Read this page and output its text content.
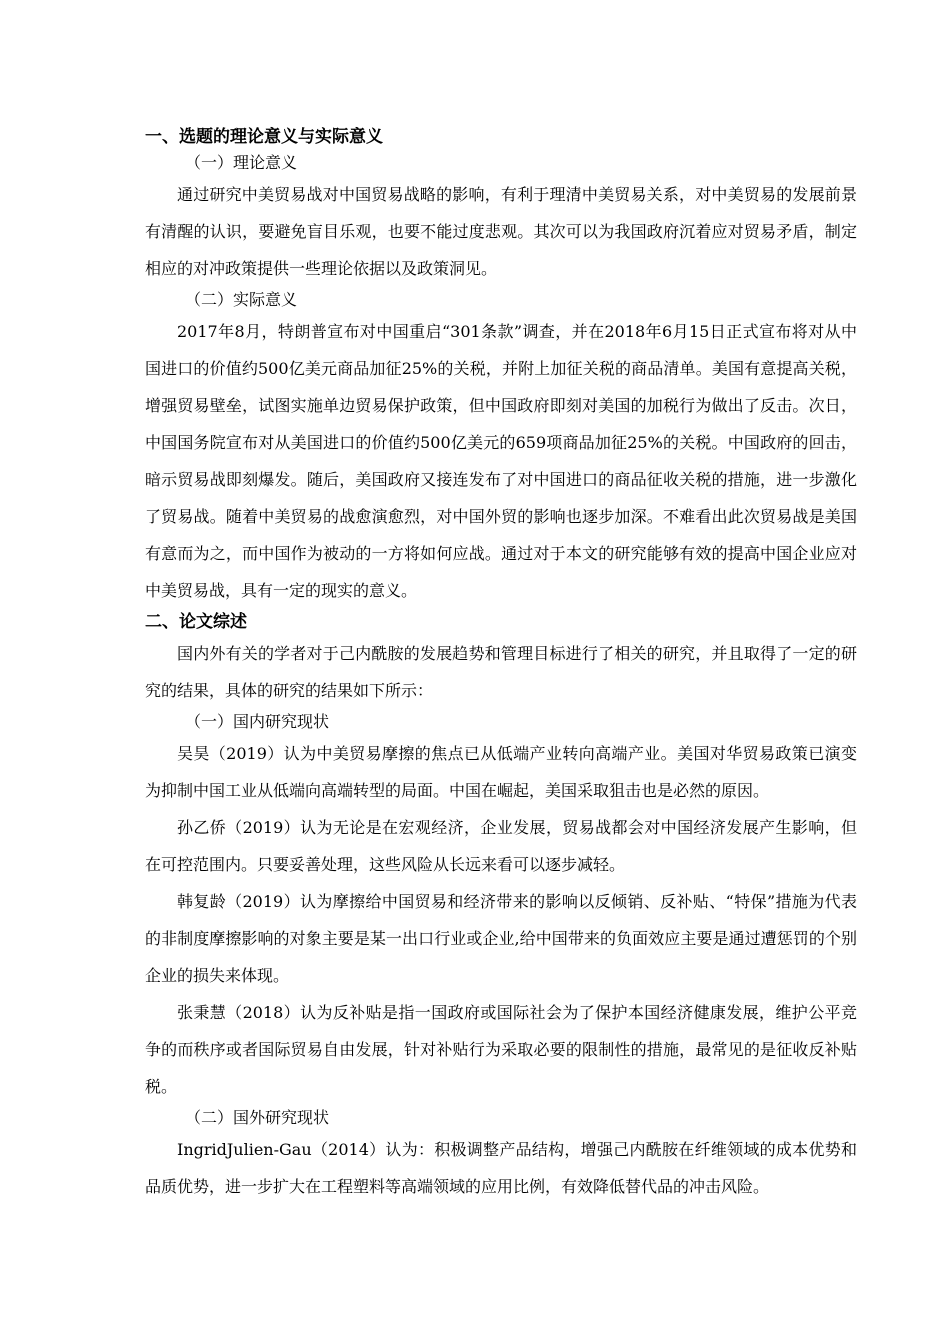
一、选题的理论意义与实际意义

（一）理论意义

通过研究中美贸易战对中国贸易战略的影响，有利于理清中美贸易关系，对中美贸易的发展前景有清醒的认识，要避免盲目乐观，也要不能过度悲观。其次可以为我国政府沉着应对贸易矛盾，制定相应的对冲政策提供一些理论依据以及政策洞见。

（二）实际意义

2017年8月，特朗普宣布对中国重启“301条款”调查，并在2018年6月15日正式宣布将对从中国进口的价值约500亿美元商品加征25%的关税，并附上加征关税的商品清单。美国有意提高关税，增强贸易壁垒，试图实施单边贸易保护政策，但中国政府即刻对美国的加税行为做出了反击。次日，中国国务院宣布对从美国进口的价值约500亿美元的659项商品加征25%的关税。中国政府的回击，暗示贸易战即刻爆发。随后，美国政府又接连发布了对中国进口的商品征收关税的措施，进一步激化了贸易战。随着中美贸易的战愈演愈烈，对中国外贸的影响也逐步加深。不难看出此次贸易战是美国有意而为之，而中国作为被动的一方将如何应战。通过对于本文的研究能够有效的提高中国企业应对中美贸易战，具有一定的现实的意义。

二、论文综述

国内外有关的学者对于己内酰胺的发展趋势和管理目标进行了相关的研究，并且取得了一定的研究的结果，具体的研究的结果如下所示：

（一）国内研究现状

吴昊（2019）认为中美贸易摩擦的焦点已从低端产业转向高端产业。美国对华贸易政策已演变为抑制中国工业从低端向高端转型的局面。中国在崛起，美国采取狙击也是必然的原因。

孙乙侨（2019）认为无论是在宏观经济，企业发展，贸易战都会对中国经济发展产生影响，但在可控范围内。只要妥善处理，这些风险从长远来看可以逐步减轻。

韩复龄（2019）认为摩擦给中国贸易和经济带来的影响以反倾销、反补贴、“特保”措施为代表的非制度摩擦影响的对象主要是某一出口行业或企业,给中国带来的负面效应主要是通过遭惩罚的个别企业的损失来体现。

张秉慧（2018）认为反补贴是指一国政府或国际社会为了保护本国经济健康发展，维护公平竞争的而秩序或者国际贸易自由发展，针对补贴行为采取必要的限制性的措施，最常见的是征收反补贴税。

（二）国外研究现状

IngridJulien-Gau（2014）认为：积极调整产品结构，增强己内酰胺在纤维领域的成本优势和品质优势，进一步扩大在工程塑料等高端领域的应用比例，有效降低替代品的冲击风险。
